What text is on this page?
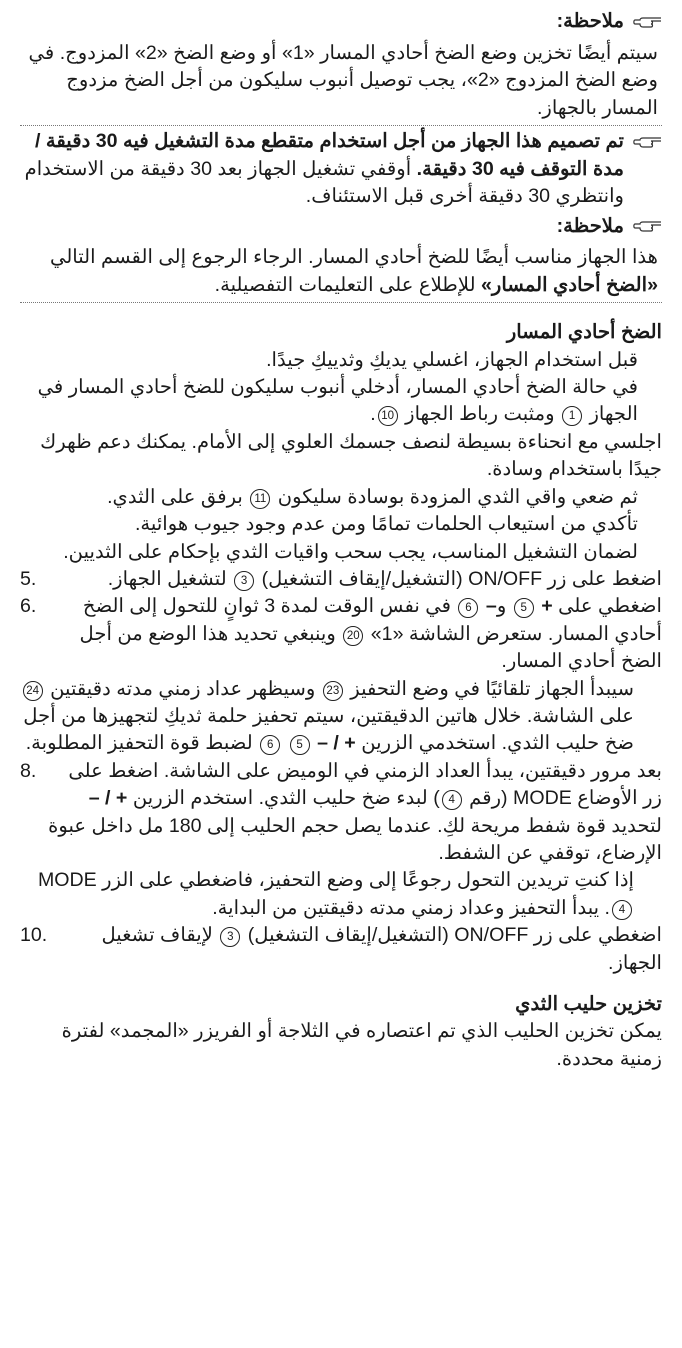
ملاحظة:
سيتم أيضًا تخزين وضع الضخ أحادي المسار «1» أو وضع الضخ «2» المزدوج. في وضع الضخ المزدوج «2»، يجب توصيل أنبوب سليكون من أجل الضخ مزدوج المسار بالجهاز.
تم تصميم هذا الجهاز من أجل استخدام متقطع مدة التشغيل فيه 30 دقيقة / مدة التوقف فيه 30 دقيقة. أوقفي تشغيل الجهاز بعد 30 دقيقة من الاستخدام وانتظري 30 دقيقة أخرى قبل الاستئناف.
ملاحظة:
هذا الجهاز مناسب أيضًا للضخ أحادي المسار. الرجاء الرجوع إلى القسم التالي «الضخ أحادي المسار» للإطلاع على التعليمات التفصيلية.
الضخ أحادي المسار
قبل استخدام الجهاز، اغسلي يديكِ وثدييكِ جيدًا.
في حالة الضخ أحادي المسار، أدخلي أنبوب سليكون للضخ أحادي المسار في الجهاز 1 ومثبت رباط الجهاز 10.
اجلسي مع انحناءة بسيطة لنصف جسمك العلوي إلى الأمام. يمكنك دعم ظهرك جيدًا باستخدام وسادة.
ثم ضعي واقي الثدي المزودة بوسادة سليكون 11 برفق على الثدي.
تأكدي من استيعاب الحلمات تمامًا ومن عدم وجود جيوب هوائية.
لضمان التشغيل المناسب، يجب سحب واقيات الثدي بإحكام على الثديين.
اضغط على زر ON/OFF (التشغيل/إيقاف التشغيل) 3 لتشغيل الجهاز.
5.
اضغطي على + 5 و– 6 في نفس الوقت لمدة 3 ثوانٍ للتحول إلى الضخ أحادي المسار. ستعرض الشاشة «1» 20 وينبغي تحديد هذا الوضع من أجل الضخ أحادي المسار.
6.
سيبدأ الجهاز تلقائيًا في وضع التحفيز 23 وسيظهر عداد زمني مدته دقيقتين 24 على الشاشة. خلال هاتين الدقيقتين، سيتم تحفيز حلمة ثديكِ لتجهيزها من أجل ضخ حليب الثدي. استخدمي الزرين + / – 5 6 لضبط قوة التحفيز المطلوبة.
بعد مرور دقيقتين، يبدأ العداد الزمني في الوميض على الشاشة. اضغط على زر الأوضاع MODE (رقم 4) لبدء ضخ حليب الثدي. استخدم الزرين + / – لتحديد قوة شفط مريحة لكِ. عندما يصل حجم الحليب إلى 180 مل داخل عبوة الإرضاع، توقفي عن الشفط.
8.
إذا كنتِ تريدين التحول رجوعًا إلى وضع التحفيز، فاضغطي على الزر MODE 4. يبدأ التحفيز وعداد زمني مدته دقيقتين من البداية.
اضغطي على زر ON/OFF (التشغيل/إيقاف التشغيل) 3 لإيقاف تشغيل الجهاز.
10.
تخزين حليب الثدي
يمكن تخزين الحليب الذي تم اعتصاره في الثلاجة أو الفريزر «المجمد» لفترة زمنية محددة.
